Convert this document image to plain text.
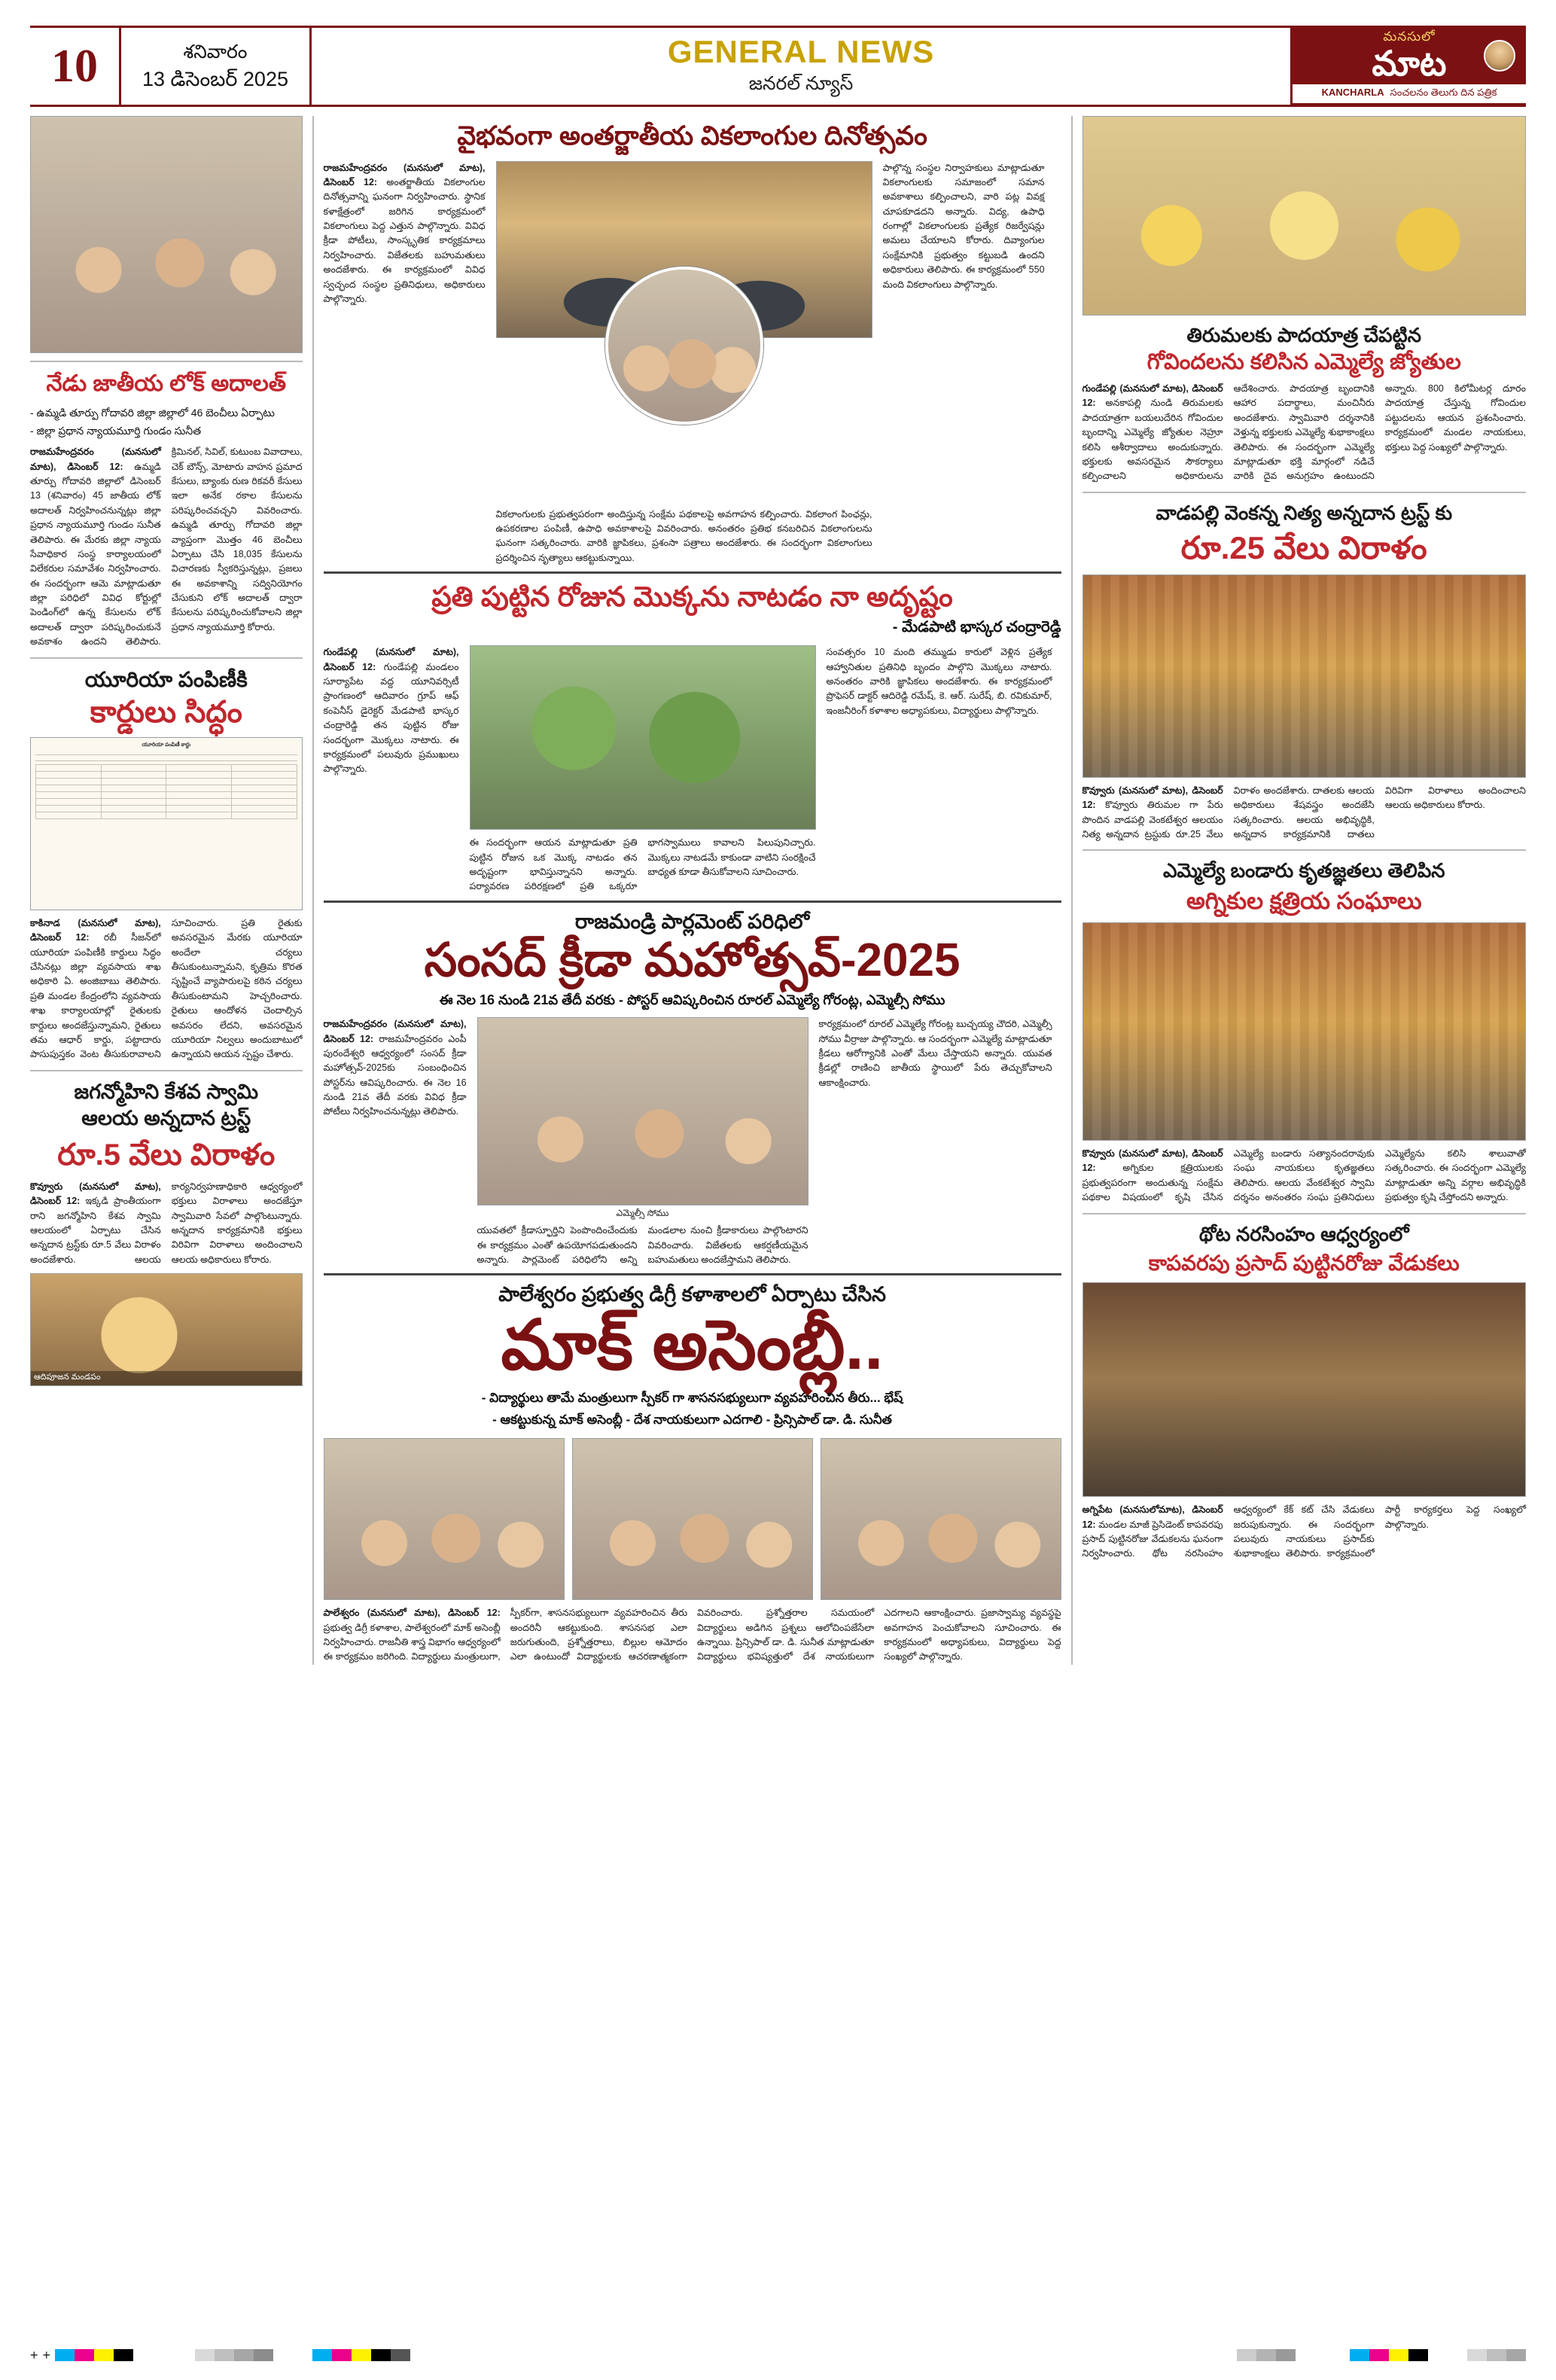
10	శనివారం
13 డిసెంబర్ 2025
GENERAL NEWS
జనరల్ న్యూస్
మనసులో
మాట
KANCHARLA సంచలనం తెలుగు దిన పత్రిక
నేడు జాతీయ లోక్ అదాలత్
- ఉమ్మడి తూర్పు గోదావరి జిల్లా జిల్లాలో 46 బెంచీలు ఏర్పాటు
- జిల్లా ప్రధాన న్యాయమూర్తి గుండం సునీత
రాజమహేంద్రవరం (మనసులో మాట), డిసెంబర్ 12: ఉమ్మడి తూర్పు గోదావరి జిల్లాలో డిసెంబర్ 13 (శనివారం) 45 జాతీయ లోక్ అదాలత్ నిర్వహించనున్నట్లు జిల్లా ప్రధాన న్యాయమూర్తి గుండం సునీత తెలిపారు. ఈ మేరకు జిల్లా న్యాయ సేవాధికార సంస్థ కార్యాలయంలో విలేకరుల సమావేశం నిర్వహించారు. ఈ సందర్భంగా ఆమె మాట్లాడుతూ జిల్లా పరిధిలో వివిధ కోర్టుల్లో పెండింగ్‌లో ఉన్న కేసులను లోక్ అదాలత్ ద్వారా పరిష్కరించుకునే అవకాశం ఉందని తెలిపారు. క్రిమినల్, సివిల్, కుటుంబ వివాదాలు, చెక్ బౌన్స్, మోటారు వాహన ప్రమాద కేసులు, బ్యాంకు రుణ రికవరీ కేసులు ఇలా అనేక రకాల కేసులను పరిష్కరించవచ్చని వివరించారు. ఉమ్మడి తూర్పు గోదావరి జిల్లా వ్యాప్తంగా మొత్తం 46 బెంచీలు ఏర్పాటు చేసి 18,035 కేసులను విచారణకు స్వీకరిస్తున్నట్లు, ప్రజలు ఈ అవకాశాన్ని సద్వినియోగం చేసుకుని లోక్ అదాలత్ ద్వారా కేసులను పరిష్కరించుకోవాలని జిల్లా ప్రధాన న్యాయమూర్తి కోరారు.
యూరియా పంపిణీకి
కార్డులు సిద్ధం
యూరియా పంపిణీ కార్డు

కాకినాడ (మనసులో మాట), డిసెంబర్ 12: రబీ సీజన్‌లో యూరియా పంపిణీకి కార్డులు సిద్ధం చేసినట్లు జిల్లా వ్యవసాయ శాఖ అధికారి ఏ. అంజిబాబు తెలిపారు. ప్రతి మండల కేంద్రంలోని వ్యవసాయ శాఖ కార్యాలయాల్లో రైతులకు కార్డులు అందజేస్తున్నామని, రైతులు తమ ఆధార్ కార్డు, పట్టాదారు పాసుపుస్తకం వెంట తీసుకురావాలని సూచించారు. ప్రతి రైతుకు అవసరమైన మేరకు యూరియా అందేలా చర్యలు తీసుకుంటున్నామని, కృత్రిమ కొరత సృష్టించే వ్యాపారులపై కఠిన చర్యలు తీసుకుంటామని హెచ్చరించారు. రైతులు ఆందోళన చెందాల్సిన అవసరం లేదని, అవసరమైన యూరియా నిల్వలు అందుబాటులో ఉన్నాయని ఆయన స్పష్టం చేశారు.
జగన్మోహిని కేశవ స్వామి
ఆలయ అన్నదాన ట్రస్ట్
రూ.5 వేలు విరాళం
కొవ్వూరు (మనసులో మాట), డిసెంబర్ 12: ఇక్కడి ప్రాంతీయంగా రాని జగన్మోహిని కేశవ స్వామి ఆలయంలో ఏర్పాటు చేసిన అన్నదాన ట్రస్ట్‌కు రూ.5 వేలు విరాళం అందజేశారు. ఆలయ కార్యనిర్వహణాధికారి ఆధ్వర్యంలో భక్తులు విరాళాలు అందజేస్తూ స్వామివారి సేవలో పాల్గొంటున్నారు. అన్నదాన కార్యక్రమానికి భక్తులు విరివిగా విరాళాలు అందించాలని ఆలయ అధికారులు కోరారు.
ఆదిపూజన మండపం
వైభవంగా అంతర్జాతీయ వికలాంగుల దినోత్సవం
రాజమహేంద్రవరం (మనసులో మాట), డిసెంబర్ 12: అంతర్జాతీయ వికలాంగుల దినోత్సవాన్ని ఘనంగా నిర్వహించారు. స్థానిక కళాక్షేత్రంలో జరిగిన కార్యక్రమంలో వికలాంగులు పెద్ద ఎత్తున పాల్గొన్నారు. వివిధ క్రీడా పోటీలు, సాంస్కృతిక కార్యక్రమాలు నిర్వహించారు. విజేతలకు బహుమతులు అందజేశారు. ఈ కార్యక్రమంలో వివిధ స్వచ్ఛంద సంస్థల ప్రతినిధులు, అధికారులు పాల్గొన్నారు.
వికలాంగులకు ప్రభుత్వపరంగా అందిస్తున్న సంక్షేమ పథకాలపై అవగాహన కల్పించారు. వికలాంగ పింఛన్లు, ఉపకరణాల పంపిణీ, ఉపాధి అవకాశాలపై వివరించారు. అనంతరం ప్రతిభ కనబరిచిన వికలాంగులను ఘనంగా సత్కరించారు. వారికి జ్ఞాపికలు, ప్రశంసా పత్రాలు అందజేశారు. ఈ సందర్భంగా వికలాంగులు ప్రదర్శించిన నృత్యాలు ఆకట్టుకున్నాయి.
పాల్గొన్న సంస్థల నిర్వాహకులు మాట్లాడుతూ వికలాంగులకు సమాజంలో సమాన అవకాశాలు కల్పించాలని, వారి పట్ల వివక్ష చూపకూడదని అన్నారు. విద్య, ఉపాధి రంగాల్లో వికలాంగులకు ప్రత్యేక రిజర్వేషన్లు అమలు చేయాలని కోరారు. దివ్యాంగుల సంక్షేమానికి ప్రభుత్వం కట్టుబడి ఉందని అధికారులు తెలిపారు. ఈ కార్యక్రమంలో 550 మంది వికలాంగులు పాల్గొన్నారు.
ప్రతి పుట్టిన రోజున మొక్కను నాటడం నా అదృష్టం
- మేడపాటి భాస్కర చంద్రారెడ్డి
గుండేపల్లి (మనసులో మాట), డిసెంబర్ 12: గుండేపల్లి మండలం సూర్యాపేట వద్ద యూనివర్సిటీ ప్రాంగణంలో ఆదివారం గ్రూప్ ఆఫ్ కంపెనీస్ డైరెక్టర్ మేడపాటి భాస్కర చంద్రారెడ్డి తన పుట్టిన రోజు సందర్భంగా మొక్కలు నాటారు. ఈ కార్యక్రమంలో పలువురు ప్రముఖులు పాల్గొన్నారు.
ఈ సందర్భంగా ఆయన మాట్లాడుతూ ప్రతి పుట్టిన రోజున ఒక మొక్క నాటడం తన అదృష్టంగా భావిస్తున్నానని అన్నారు. పర్యావరణ పరిరక్షణలో ప్రతి ఒక్కరూ భాగస్వాములు కావాలని పిలుపునిచ్చారు. మొక్కలు నాటడమే కాకుండా వాటిని సంరక్షించే బాధ్యత కూడా తీసుకోవాలని సూచించారు.
సంవత్సరం 10 మంది తమ్ముడు కారులో వెళ్లిన ప్రత్యేక ఆహ్వానితుల ప్రతినిధి బృందం పాల్గొని మొక్కలు నాటారు. అనంతరం వారికి జ్ఞాపికలు అందజేశారు. ఈ కార్యక్రమంలో ప్రొఫెసర్ డాక్టర్ ఆదిరెడ్డి రమేష్, కె. ఆర్. సురేష్, బి. రవికుమార్, ఇంజనీరింగ్ కళాశాల అధ్యాపకులు, విద్యార్థులు పాల్గొన్నారు.
రాజమండ్రి పార్లమెంట్ పరిధిలో
సంసద్ క్రీడా మహోత్సవ్-2025
ఈ నెల 16 నుండి 21వ తేదీ వరకు - పోస్టర్ ఆవిష్కరించిన రూరల్ ఎమ్మెల్యే గోరంట్ల, ఎమ్మెల్సీ సోము
రాజమహేంద్రవరం (మనసులో మాట), డిసెంబర్ 12: రాజమహేంద్రవరం ఎంపీ పురందేశ్వరి ఆధ్వర్యంలో సంసద్ క్రీడా మహోత్సవ్-2025కు సంబంధించిన పోస్టర్‌ను ఆవిష్కరించారు. ఈ నెల 16 నుండి 21వ తేదీ వరకు వివిధ క్రీడా పోటీలు నిర్వహించనున్నట్లు తెలిపారు.
ఎమ్మెల్సీ సోము
యువతలో క్రీడాస్ఫూర్తిని పెంపొందించేందుకు ఈ కార్యక్రమం ఎంతో ఉపయోగపడుతుందని అన్నారు. పార్లమెంట్ పరిధిలోని అన్ని మండలాల నుంచి క్రీడాకారులు పాల్గొంటారని వివరించారు. విజేతలకు ఆకర్షణీయమైన బహుమతులు అందజేస్తామని తెలిపారు.
కార్యక్రమంలో రూరల్ ఎమ్మెల్యే గోరంట్ల బుచ్చయ్య చౌదరి, ఎమ్మెల్సీ సోము వీర్రాజు పాల్గొన్నారు. ఆ సందర్భంగా ఎమ్మెల్యే మాట్లాడుతూ క్రీడలు ఆరోగ్యానికి ఎంతో మేలు చేస్తాయని అన్నారు. యువత క్రీడల్లో రాణించి జాతీయ స్థాయిలో పేరు తెచ్చుకోవాలని ఆకాంక్షించారు.
పాలేశ్వరం ప్రభుత్వ డిగ్రీ కళాశాలలో ఏర్పాటు చేసిన
మాక్ అసెంబ్లీ..
- విద్యార్థులు తామే మంత్రులుగా స్పీకర్ గా శాసనసభ్యులుగా వ్యవహరించిన తీరు... భేష్
- ఆకట్టుకున్న మాక్ అసెంబ్లీ - దేశ నాయకులుగా ఎదగాలి - ప్రిన్సిపాల్ డా. డి. సునీత
పాలేశ్వరం (మనసులో మాట), డిసెంబర్ 12: ప్రభుత్వ డిగ్రీ కళాశాల, పాలేశ్వరంలో మాక్ అసెంబ్లీ నిర్వహించారు. రాజనీతి శాస్త్ర విభాగం ఆధ్వర్యంలో ఈ కార్యక్రమం జరిగింది. విద్యార్థులు మంత్రులుగా, స్పీకర్‌గా, శాసనసభ్యులుగా వ్యవహరించిన తీరు అందరినీ ఆకట్టుకుంది. శాసనసభ ఎలా జరుగుతుంది, ప్రశ్నోత్తరాలు, బిల్లుల ఆమోదం ఎలా ఉంటుందో విద్యార్థులకు ఆచరణాత్మకంగా వివరించారు. ప్రశ్నోత్తరాల సమయంలో విద్యార్థులు అడిగిన ప్రశ్నలు ఆలోచింపజేసేలా ఉన్నాయి. ప్రిన్సిపాల్ డా. డి. సునీత మాట్లాడుతూ విద్యార్థులు భవిష్యత్తులో దేశ నాయకులుగా ఎదగాలని ఆకాంక్షించారు. ప్రజాస్వామ్య వ్యవస్థపై అవగాహన పెంచుకోవాలని సూచించారు. ఈ కార్యక్రమంలో అధ్యాపకులు, విద్యార్థులు పెద్ద సంఖ్యలో పాల్గొన్నారు.
తిరుమలకు పాదయాత్ర చేపట్టిన
గోవిందలను కలిసిన ఎమ్మెల్యే జ్యోతుల
గుండేపల్లి (మనసులో మాట), డిసెంబర్ 12: అనకాపల్లి నుండి తిరుమలకు పాదయాత్రగా బయలుదేరిన గోవిందుల బృందాన్ని ఎమ్మెల్యే జ్యోతుల నెహ్రూ కలిసి ఆశీర్వాదాలు అందుకున్నారు. భక్తులకు అవసరమైన సౌకర్యాలు కల్పించాలని అధికారులను ఆదేశించారు. పాదయాత్ర బృందానికి ఆహార పదార్థాలు, మంచినీరు అందజేశారు. స్వామివారి దర్శనానికి వెళ్తున్న భక్తులకు ఎమ్మెల్యే శుభాకాంక్షలు తెలిపారు. ఈ సందర్భంగా ఎమ్మెల్యే మాట్లాడుతూ భక్తి మార్గంలో నడిచే వారికి దైవ అనుగ్రహం ఉంటుందని అన్నారు. 800 కిలోమీటర్ల దూరం పాదయాత్ర చేస్తున్న గోవిందుల పట్టుదలను ఆయన ప్రశంసించారు. కార్యక్రమంలో మండల నాయకులు, భక్తులు పెద్ద సంఖ్యలో పాల్గొన్నారు.
వాడపల్లి వెంకన్న నిత్య అన్నదాన ట్రస్ట్ కు
రూ.25 వేలు విరాళం
కొవ్వూరు (మనసులో మాట), డిసెంబర్ 12: కొవ్వూరు తిరుమల గా పేరు పొందిన వాడపల్లి వెంకటేశ్వర ఆలయం నిత్య అన్నదాన ట్రస్టుకు రూ.25 వేలు విరాళం అందజేశారు. దాతలకు ఆలయ అధికారులు శేషవస్త్రం అందజేసి సత్కరించారు. ఆలయ అభివృద్ధికి, అన్నదాన కార్యక్రమానికి దాతలు విరివిగా విరాళాలు అందించాలని ఆలయ అధికారులు కోరారు.
ఎమ్మెల్యే బండారు కృతజ్ఞతలు తెలిపిన
అగ్నికుల క్షత్రియ సంఘాలు
కొవ్వూరు (మనసులో మాట), డిసెంబర్ 12:	అగ్నికుల క్షత్రియులకు ప్రభుత్వపరంగా అందుతున్న సంక్షేమ పథకాల విషయంలో కృషి చేసిన ఎమ్మెల్యే బండారు సత్యానందరావుకు సంఘ నాయకులు కృతజ్ఞతలు తెలిపారు. ఆలయ వేంకటేశ్వర స్వామి దర్శనం అనంతరం సంఘ ప్రతినిధులు ఎమ్మెల్యేను కలిసి శాలువాతో సత్కరించారు. ఈ సందర్భంగా ఎమ్మెల్యే మాట్లాడుతూ అన్ని వర్గాల అభివృద్ధికి ప్రభుత్వం కృషి చేస్తోందని అన్నారు.
థోట నరసింహం ఆధ్వర్యంలో
కాపవరపు ప్రసాద్ పుట్టినరోజు వేడుకలు
అగ్నిపేట (మనసులోమాట), డిసెంబర్ 12: మండల మాజీ ప్రెసిడెంట్ కాపవరపు ప్రసాద్ పుట్టినరోజు వేడుకలను ఘనంగా నిర్వహించారు. థోట నరసింహం ఆధ్వర్యంలో కేక్ కట్ చేసి వేడుకలు జరుపుకున్నారు. ఈ సందర్భంగా పలువురు నాయకులు ప్రసాద్‌కు శుభాకాంక్షలు తెలిపారు. కార్యక్రమంలో పార్టీ కార్యకర్తలు పెద్ద సంఖ్యలో పాల్గొన్నారు.
+ +
